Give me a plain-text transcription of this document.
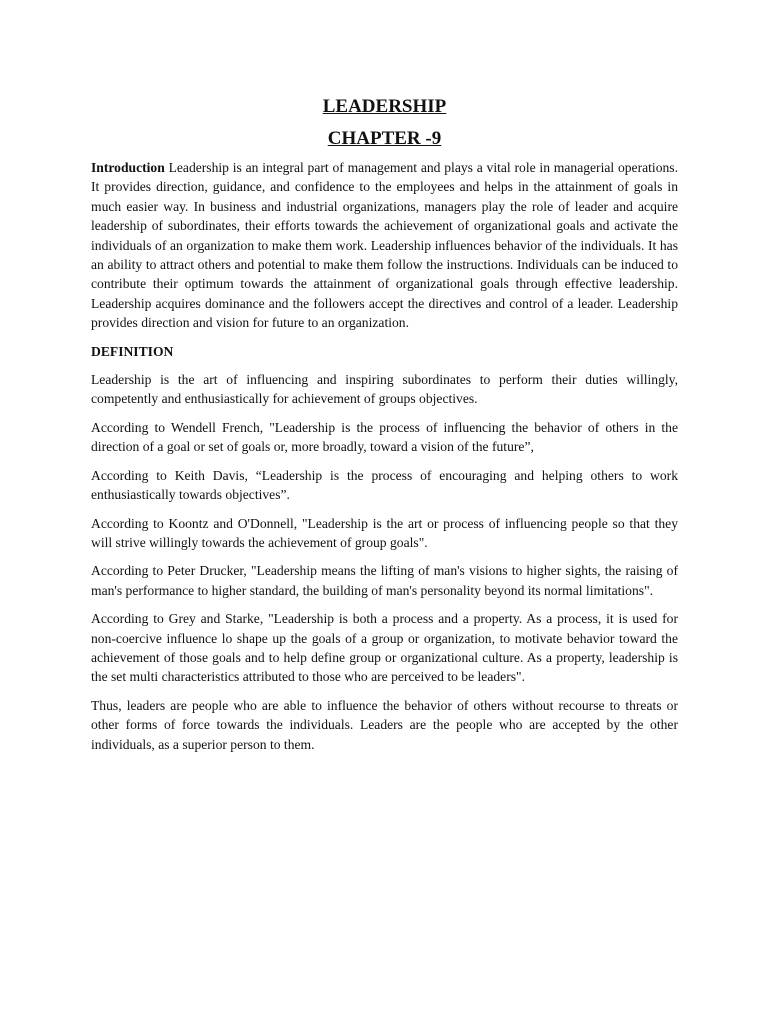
LEADERSHIP
CHAPTER -9

Introduction Leadership is an integral part of management and plays a vital role in managerial operations. It provides direction, guidance, and confidence to the employees and helps in the attainment of goals in much easier way. In business and industrial organizations, managers play the role of leader and acquire leadership of subordinates, their efforts towards the achievement of organizational goals and activate the individuals of an organization to make them work. Leadership influences behavior of the individuals. It has an ability to attract others and potential to make them follow the instructions. Individuals can be induced to contribute their optimum towards the attainment of organizational goals through effective leadership. Leadership acquires dominance and the followers accept the directives and control of a leader. Leadership provides direction and vision for future to an organization.

DEFINITION

Leadership is the art of influencing and inspiring subordinates to perform their duties willingly, competently and enthusiastically for achievement of groups objectives.

According to Wendell French, "Leadership is the process of influencing the behavior of others in the direction of a goal or set of goals or, more broadly, toward a vision of the future”,

According to Keith Davis, “Leadership is the process of encouraging and helping others to work enthusiastically towards objectives”.

According to Koontz and O'Donnell, "Leadership is the art or process of influencing people so that they will strive willingly towards the achievement of group goals".

According to Peter Drucker, "Leadership means the lifting of man's visions to higher sights, the raising of man's performance to higher standard, the building of man's personality beyond its normal limitations".

According to Grey and Starke, "Leadership is both a process and a property. As a process, it is used for non-coercive influence lo shape up the goals of a group or organization, to motivate behavior toward the achievement of those goals and to help define group or organizational culture. As a property, leadership is the set multi characteristics attributed to those who are perceived to be leaders".

Thus, leaders are people who are able to influence the behavior of others without recourse to threats or other forms of force towards the individuals. Leaders are the people who are accepted by the other individuals, as a superior person to them.
